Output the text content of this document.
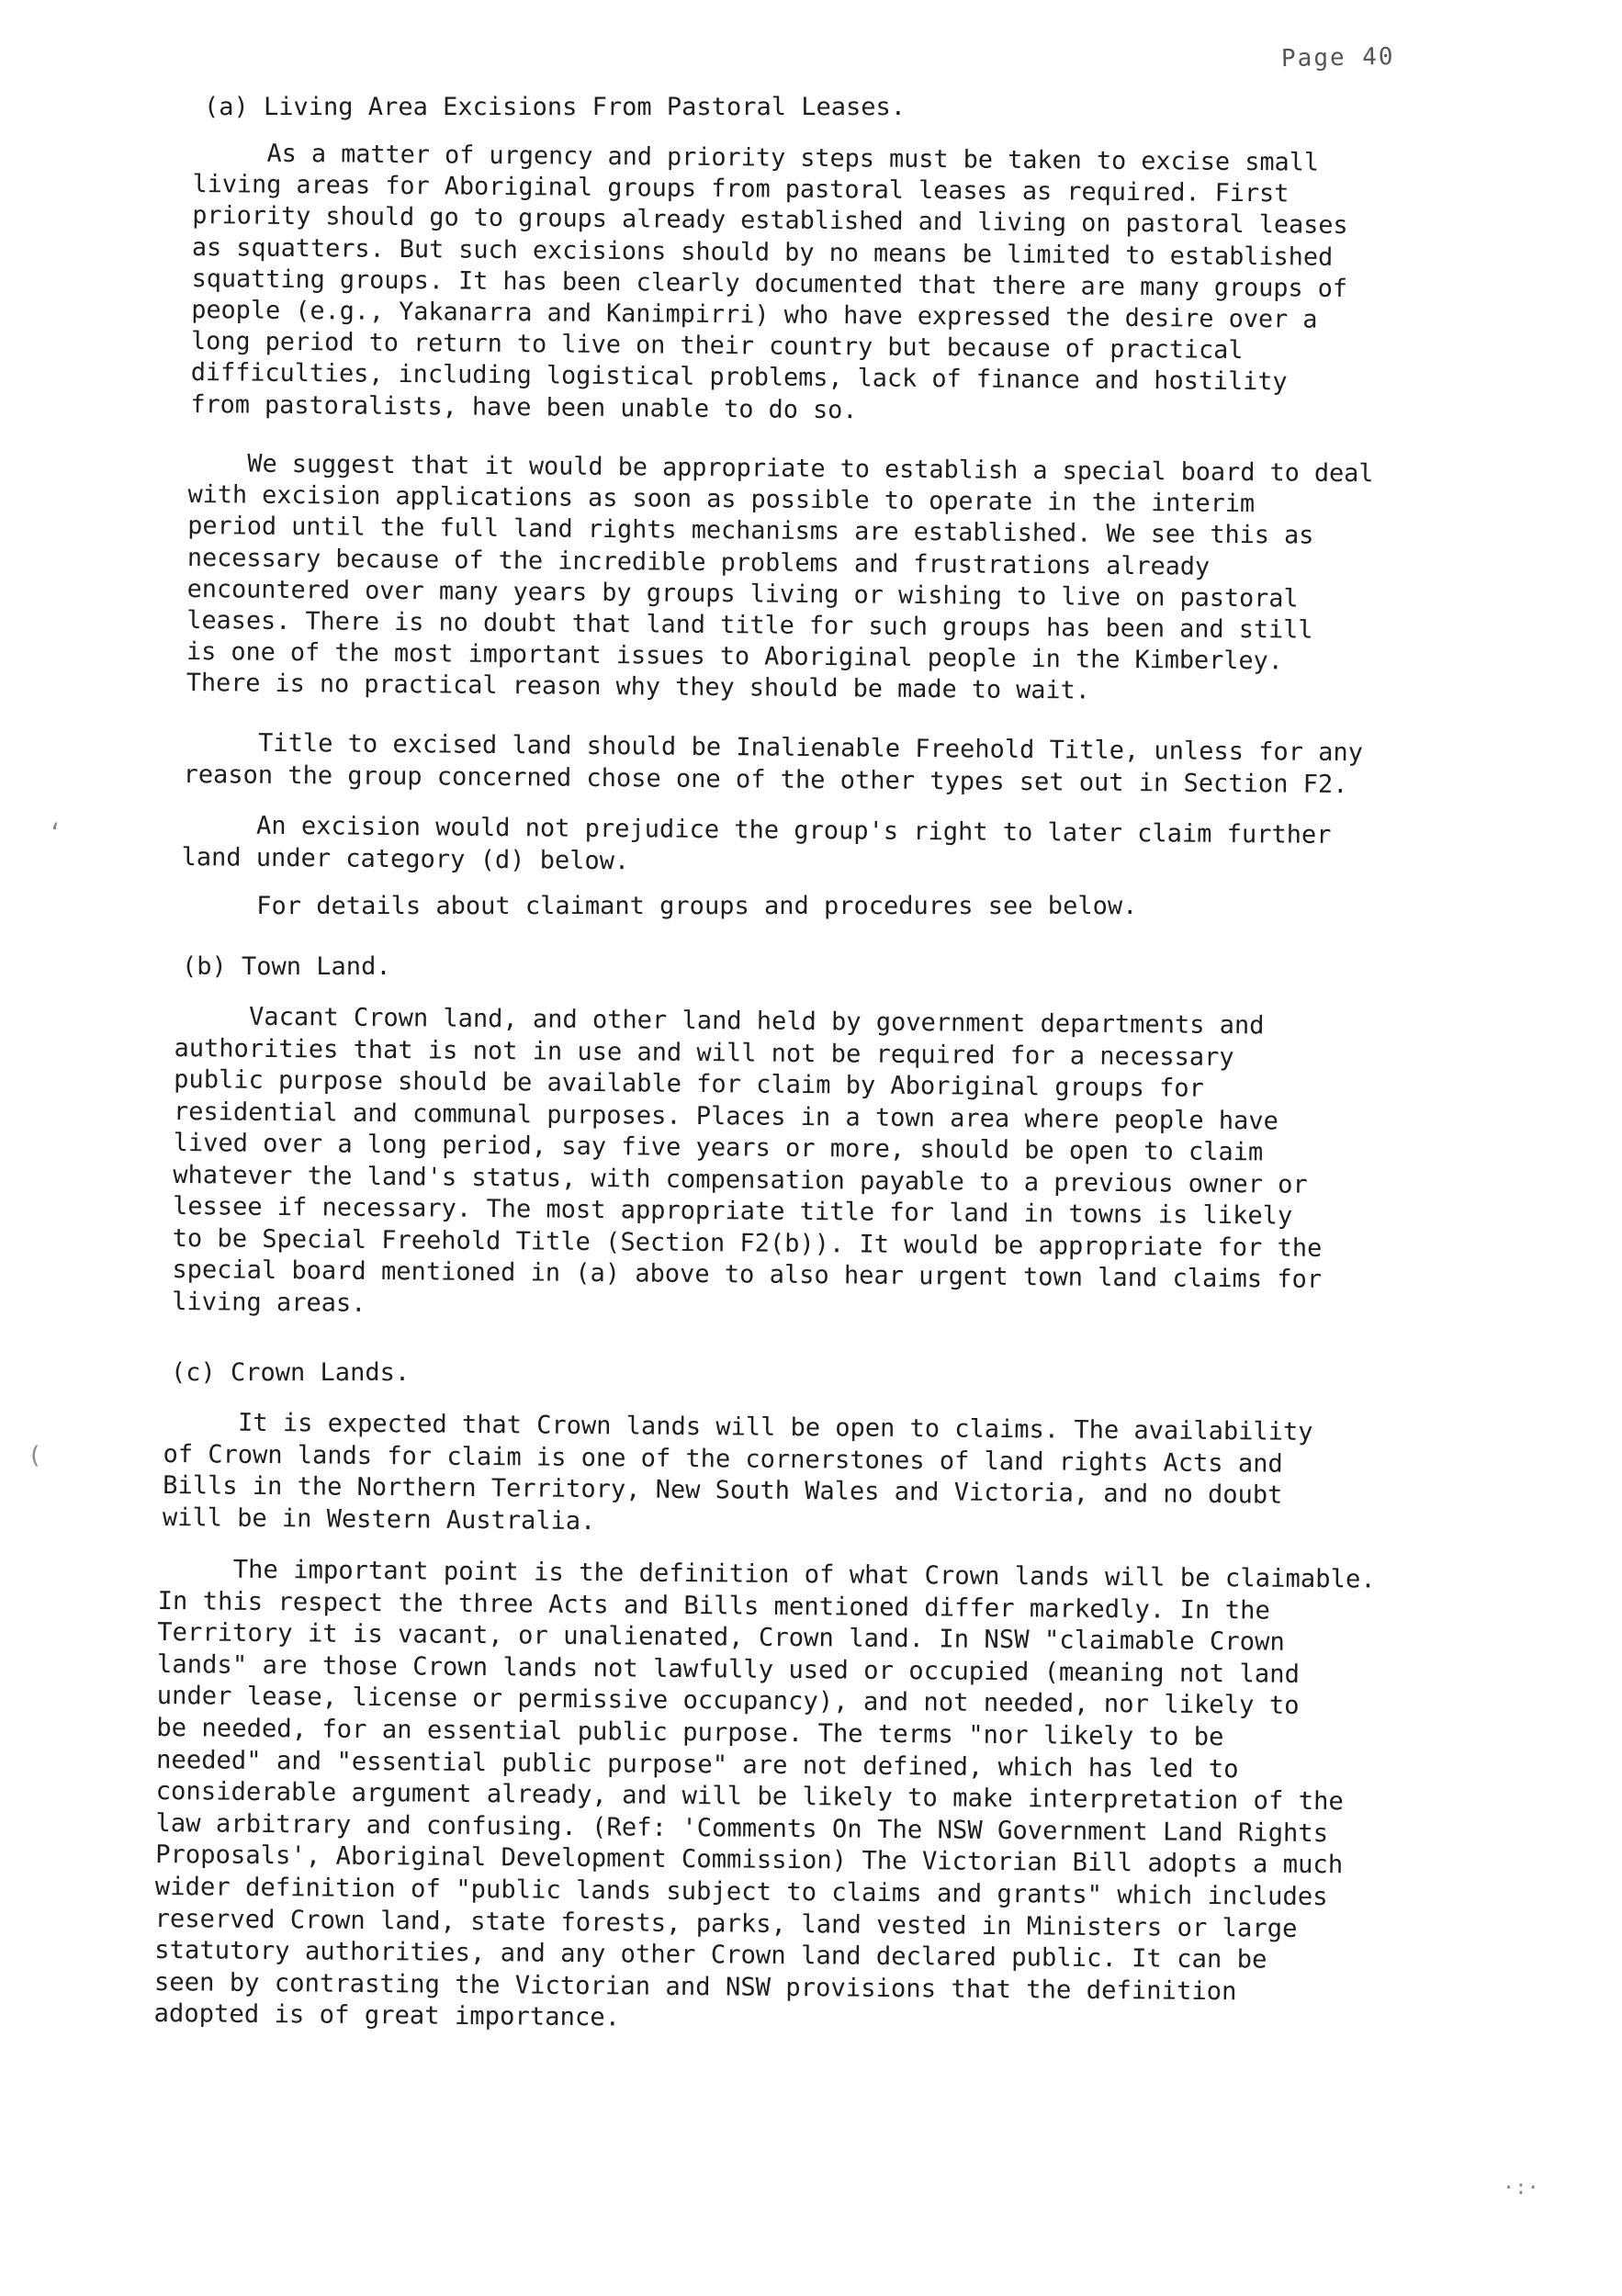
Page 40
(a) Living Area Excisions From Pastoral Leases.

As a matter of urgency and priority steps must be taken to excise small
living areas for Aboriginal groups from pastoral leases as required. First
priority should go to groups already established and living on pastoral leases
as squatters. But such excisions should by no means be limited to established
squatting groups. It has been clearly documented that there are many groups of
people (e.g., Yakanarra and Kanimpirri) who have expressed the desire over a
long period to return to live on their country but because of practical
difficulties, including logistical problems, lack of finance and hostility
from pastoralists, have been unable to do so.

We suggest that it would be appropriate to establish a special board to deal
with excision applications as soon as possible to operate in the interim
period until the full land rights mechanisms are established. We see this as
necessary because of the incredible problems and frustrations already
encountered over many years by groups living or wishing to live on pastoral
leases. There is no doubt that land title for such groups has been and still
is one of the most important issues to Aboriginal people in the Kimberley.
There is no practical reason why they should be made to wait.

Title to excised land should be Inalienable Freehold Title, unless for any
reason the group concerned chose one of the other types set out in Section F2.

An excision would not prejudice the group's right to later claim further
land under category (d) below.

For details about claimant groups and procedures see below.

(b) Town Land.

Vacant Crown land, and other land held by government departments and
authorities that is not in use and will not be required for a necessary
public purpose should be available for claim by Aboriginal groups for
residential and communal purposes. Places in a town area where people have
lived over a long period, say five years or more, should be open to claim
whatever the land's status, with compensation payable to a previous owner or
lessee if necessary. The most appropriate title for land in towns is likely
to be Special Freehold Title (Section F2(b)). It would be appropriate for the
special board mentioned in (a) above to also hear urgent town land claims for
living areas.

(c) Crown Lands.

It is expected that Crown lands will be open to claims. The availability
of Crown lands for claim is one of the cornerstones of land rights Acts and
Bills in the Northern Territory, New South Wales and Victoria, and no doubt
will be in Western Australia.

The important point is the definition of what Crown lands will be claimable.
In this respect the three Acts and Bills mentioned differ markedly. In the
Territory it is vacant, or unalienated, Crown land. In NSW "claimable Crown
lands" are those Crown lands not lawfully used or occupied (meaning not land
under lease, license or permissive occupancy), and not needed, nor likely to
be needed, for an essential public purpose. The terms "nor likely to be
needed" and "essential public purpose" are not defined, which has led to
considerable argument already, and will be likely to make interpretation of the
law arbitrary and confusing. (Ref: 'Comments On The NSW Government Land Rights
Proposals', Aboriginal Development Commission) The Victorian Bill adopts a much
wider definition of "public lands subject to claims and grants" which includes
reserved Crown land, state forests, parks, land vested in Ministers or large
statutory authorities, and any other Crown land declared public. It can be
seen by contrasting the Victorian and NSW provisions that the definition
adopted is of great importance.

‘
(
·:·
